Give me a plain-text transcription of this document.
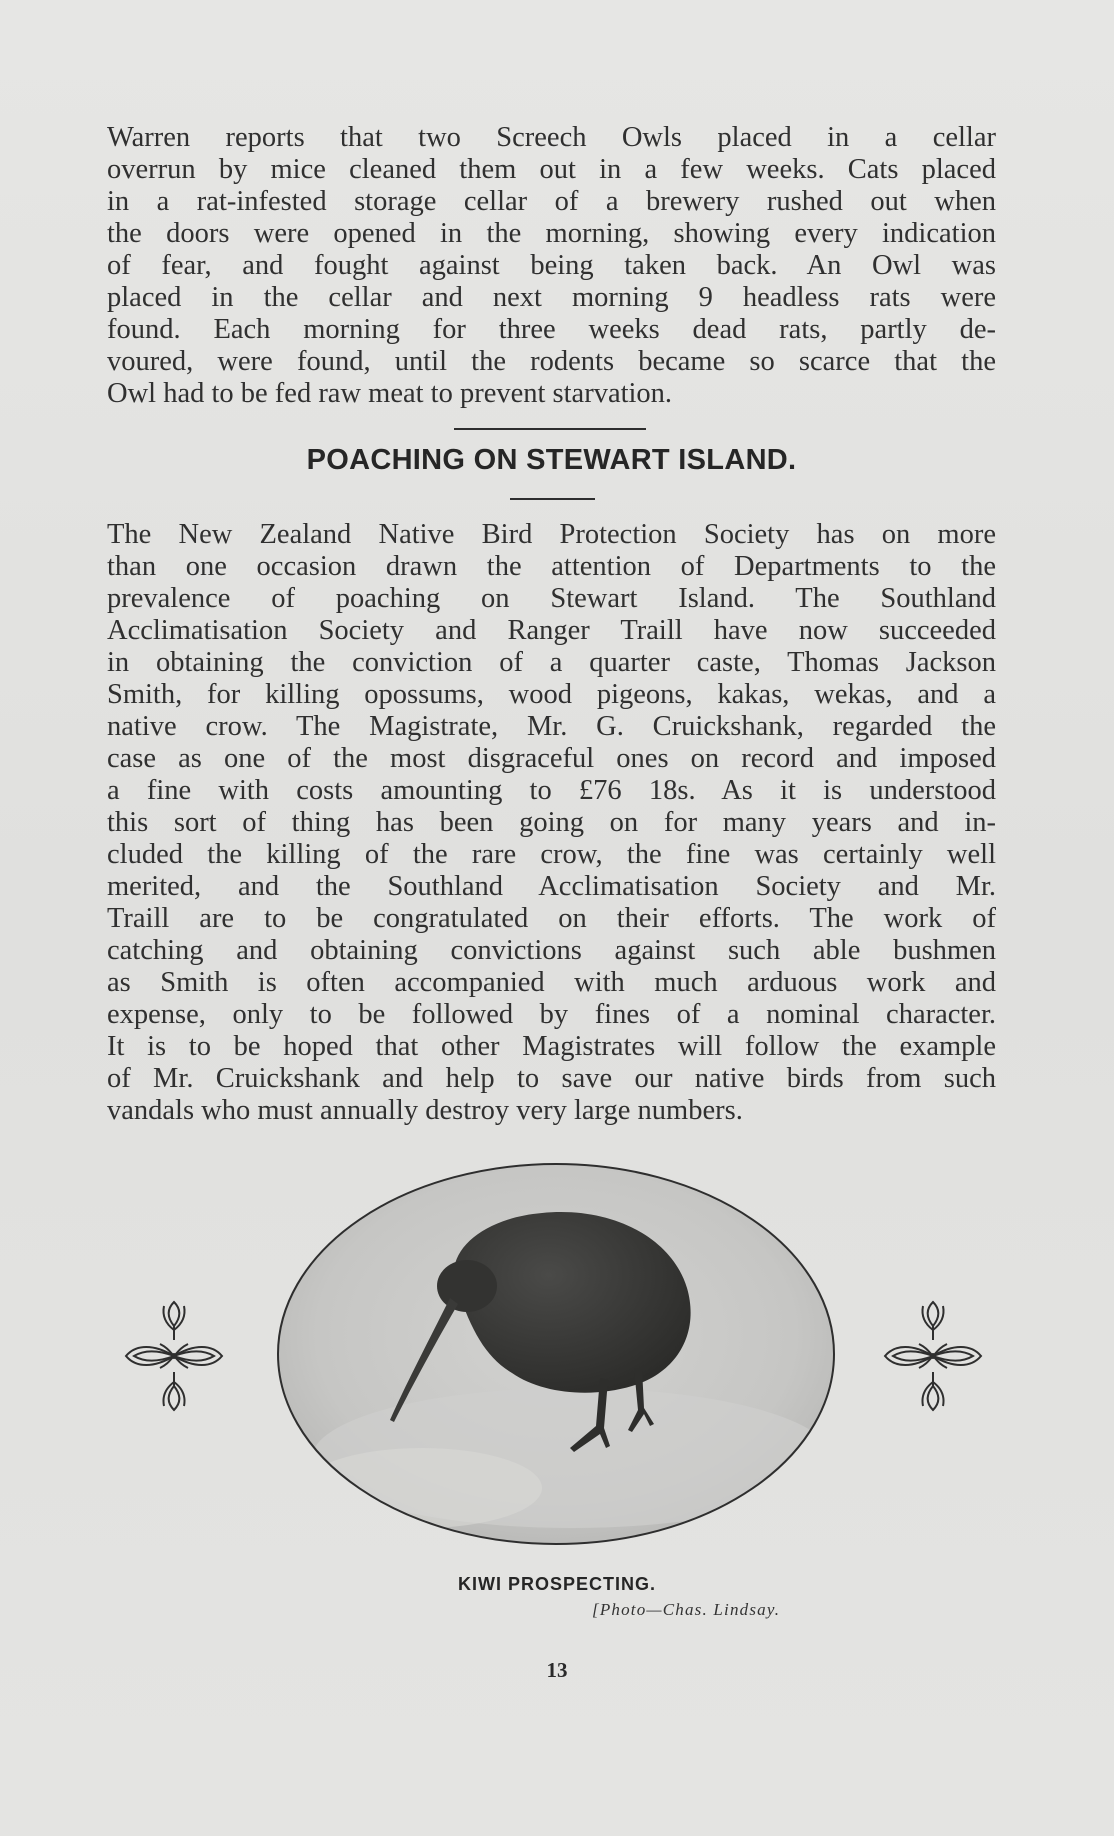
Warren reports that two Screech Owls placed in a cellar

overrun by mice cleaned them out in a few weeks. Cats placed

in a rat-infested storage cellar of a brewery rushed out when

the doors were opened in the morning, showing every indication

of fear, and fought against being taken back. An Owl was

placed in the cellar and next morning 9 headless rats were

found. Each morning for three weeks dead rats, partly de-

voured, were found, until the rodents became so scarce that the

Owl had to be fed raw meat to prevent starvation.

POACHING ON STEWART ISLAND.

The New Zealand Native Bird Protection Society has on more

than one occasion drawn the attention of Departments to the

prevalence of poaching on Stewart Island. The Southland

Acclimatisation Society and Ranger Traill have now succeeded

in obtaining the conviction of a quarter caste, Thomas Jackson

Smith, for killing opossums, wood pigeons, kakas, wekas, and a

native crow. The Magistrate, Mr. G. Cruickshank, regarded the

case as one of the most disgraceful ones on record and imposed

a fine with costs amounting to £76 18s. As it is understood

this sort of thing has been going on for many years and in-

cluded the killing of the rare crow, the fine was certainly well

merited, and the Southland Acclimatisation Society and Mr.

Traill are to be congratulated on their efforts. The work of

catching and obtaining convictions against such able bushmen

as Smith is often accompanied with much arduous work and

expense, only to be followed by fines of a nominal character.

It is to be hoped that other Magistrates will follow the example

of Mr. Cruickshank and help to save our native birds from such

vandals who must annually destroy very large numbers.

KIWI PROSPECTING.
[Photo—Chas. Lindsay.
13
